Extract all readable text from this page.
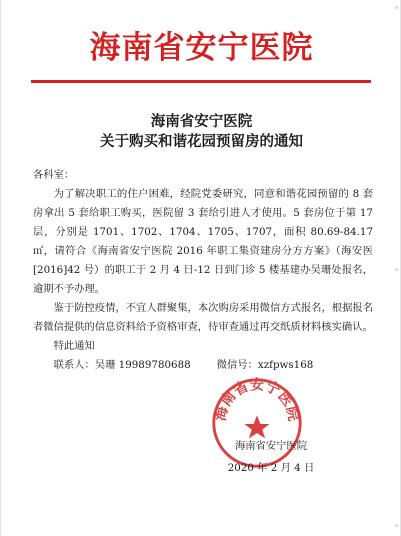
海南省安宁医院
海南省安宁医院
关于购买和谐花园预留房的通知

各科室：

为了解决职工的住户困难，经院党委研究，同意和谐花园预留的 8 套房拿出 5 套给职工购买，医院留 3 套给引进人才使用。5 套房位于第 17 层，分别是 1701、1702、1704、1705、1707，面积 80.69-84.17㎡，请符合《海南省安宁医院 2016 年职工集资建房分方方案》（海安医[2016]42 号）的职工于 2 月 4 日-12 日到门诊 5 楼基建办吴珊处报名，逾期不予办理。

鉴于防控疫情，不宜人群聚集，本次购房采用微信方式报名，根据报名者微信提供的信息资料给予资格审查，待审查通过再交纸质材料核实确认。

特此通知

联系人：吴珊 19989780688	微信号：xzfpws168

海南省安宁医院
海南省安宁医院
2020 年 2 月 4 日
